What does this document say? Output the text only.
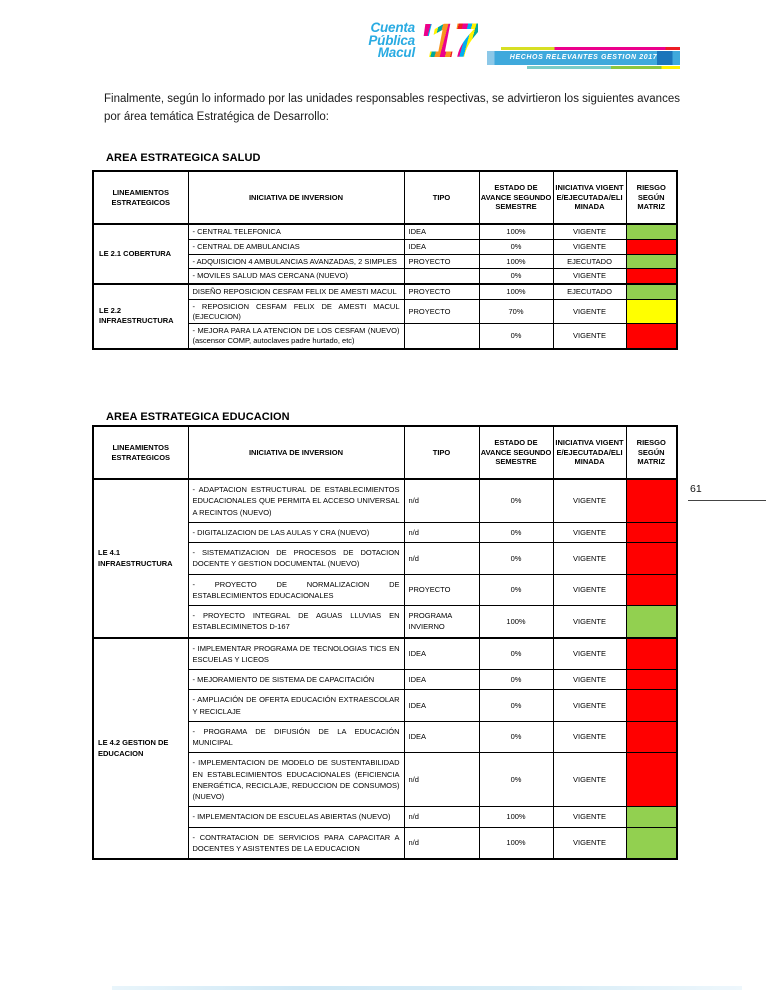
Cuenta
Pública
Macul '17	HECHOS RELEVANTES GESTION 2017

Finalmente, según lo informado por las unidades responsables respectivas, se advirtieron los siguientes avances por área temática Estratégica de Desarrollo:

AREA ESTRATEGICA SALUD
LINEAMIENTOS ESTRATEGICOS	INICIATIVA DE INVERSION	TIPO	ESTADO DE AVANCE SEGUNDO SEMESTRE	INICIATIVA VIGENTE/EJECUTADA/ELIMINADA	RIESGO SEGÚN MATRIZ
LE 2.1 COBERTURA	- CENTRAL TELEFONICA	IDEA	100%	VIGENTE	
	- CENTRAL DE AMBULANCIAS	IDEA	0%	VIGENTE	
	- ADQUISICION 4 AMBULANCIAS AVANZADAS, 2 SIMPLES	PROYECTO	100%	EJECUTADO	
	- MOVILES SALUD MAS CERCANA (NUEVO)		0%	VIGENTE	
LE 2.2 INFRAESTRUCTURA	DISEÑO REPOSICION CESFAM FELIX DE AMESTI MACUL	PROYECTO	100%	EJECUTADO	
	- REPOSICION CESFAM FELIX DE AMESTI MACUL (EJECUCION)	PROYECTO	70%	VIGENTE	
	- MEJORA PARA LA ATENCION DE LOS CESFAM (NUEVO) (ascensor COMP, autoclaves padre hurtado, etc)		0%	VIGENTE	
AREA ESTRATEGICA EDUCACION
LINEAMIENTOS ESTRATEGICOS	INICIATIVA DE INVERSION	TIPO	ESTADO DE AVANCE SEGUNDO SEMESTRE	INICIATIVA VIGENTE/EJECUTADA/ELIMINADA	RIESGO SEGÚN MATRIZ
LE 4.1 INFRAESTRUCTURA	- ADAPTACION ESTRUCTURAL DE ESTABLECIMIENTOS EDUCACIONALES QUE PERMITA EL ACCESO UNIVERSAL A RECINTOS (NUEVO)	n/d	0%	VIGENTE	
	- DIGITALIZACION DE LAS AULAS Y CRA (NUEVO)	n/d	0%	VIGENTE	
	- SISTEMATIZACION DE PROCESOS DE DOTACION DOCENTE Y GESTION DOCUMENTAL (NUEVO)	n/d	0%	VIGENTE	
	- PROYECTO DE NORMALIZACION DE ESTABLECIMIENTOS EDUCACIONALES	PROYECTO	0%	VIGENTE	
	- PROYECTO INTEGRAL DE AGUAS LLUVIAS EN ESTABLECIMINETOS D-167	PROGRAMA INVIERNO	100%	VIGENTE	
LE 4.2 GESTION DE EDUCACION	- IMPLEMENTAR PROGRAMA DE TECNOLOGIAS TICS EN ESCUELAS Y LICEOS	IDEA	0%	VIGENTE	
	- MEJORAMIENTO DE SISTEMA DE CAPACITACIÓN	IDEA	0%	VIGENTE	
	- AMPLIACIÓN DE OFERTA EDUCACIÓN EXTRAESCOLAR Y RECICLAJE	IDEA	0%	VIGENTE	
	- PROGRAMA DE DIFUSIÓN DE LA EDUCACIÓN MUNICIPAL	IDEA	0%	VIGENTE	
	- IMPLEMENTACION DE MODELO DE SUSTENTABILIDAD EN ESTABLECIMIENTOS EDUCACIONALES (EFICIENCIA ENERGÉTICA, RECICLAJE, REDUCCION DE CONSUMOS) (NUEVO)	n/d	0%	VIGENTE	
	- IMPLEMENTACION DE ESCUELAS ABIERTAS (NUEVO)	n/d	100%	VIGENTE	
	- CONTRATACION DE SERVICIOS PARA CAPACITAR A DOCENTES Y ASISTENTES DE LA EDUCACION	n/d	100%	VIGENTE	
61
